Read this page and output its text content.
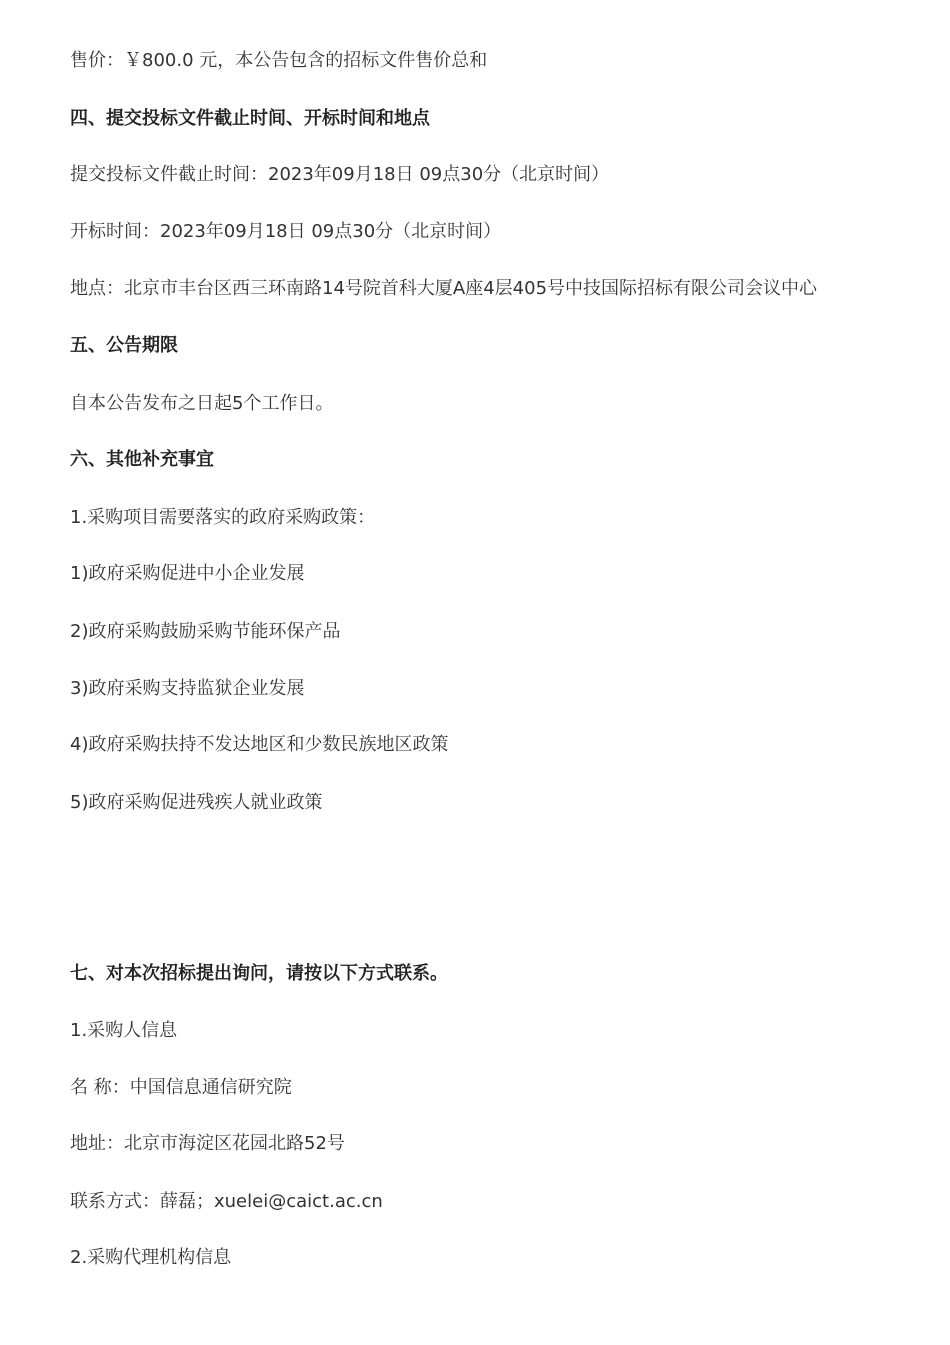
售价：￥800.0 元，本公告包含的招标文件售价总和
四、提交投标文件截止时间、开标时间和地点
提交投标文件截止时间：2023年09月18日 09点30分（北京时间）
开标时间：2023年09月18日 09点30分（北京时间）
地点：北京市丰台区西三环南路14号院首科大厦A座4层405号中技国际招标有限公司会议中心
五、公告期限
自本公告发布之日起5个工作日。
六、其他补充事宜
1.采购项目需要落实的政府采购政策：
1)政府采购促进中小企业发展
2)政府采购鼓励采购节能环保产品
3)政府采购支持监狱企业发展
4)政府采购扶持不发达地区和少数民族地区政策
5)政府采购促进残疾人就业政策
七、对本次招标提出询问，请按以下方式联系。
1.采购人信息
名 称：中国信息通信研究院
地址：北京市海淀区花园北路52号
联系方式：薛磊；xuelei@caict.ac.cn
2.采购代理机构信息
